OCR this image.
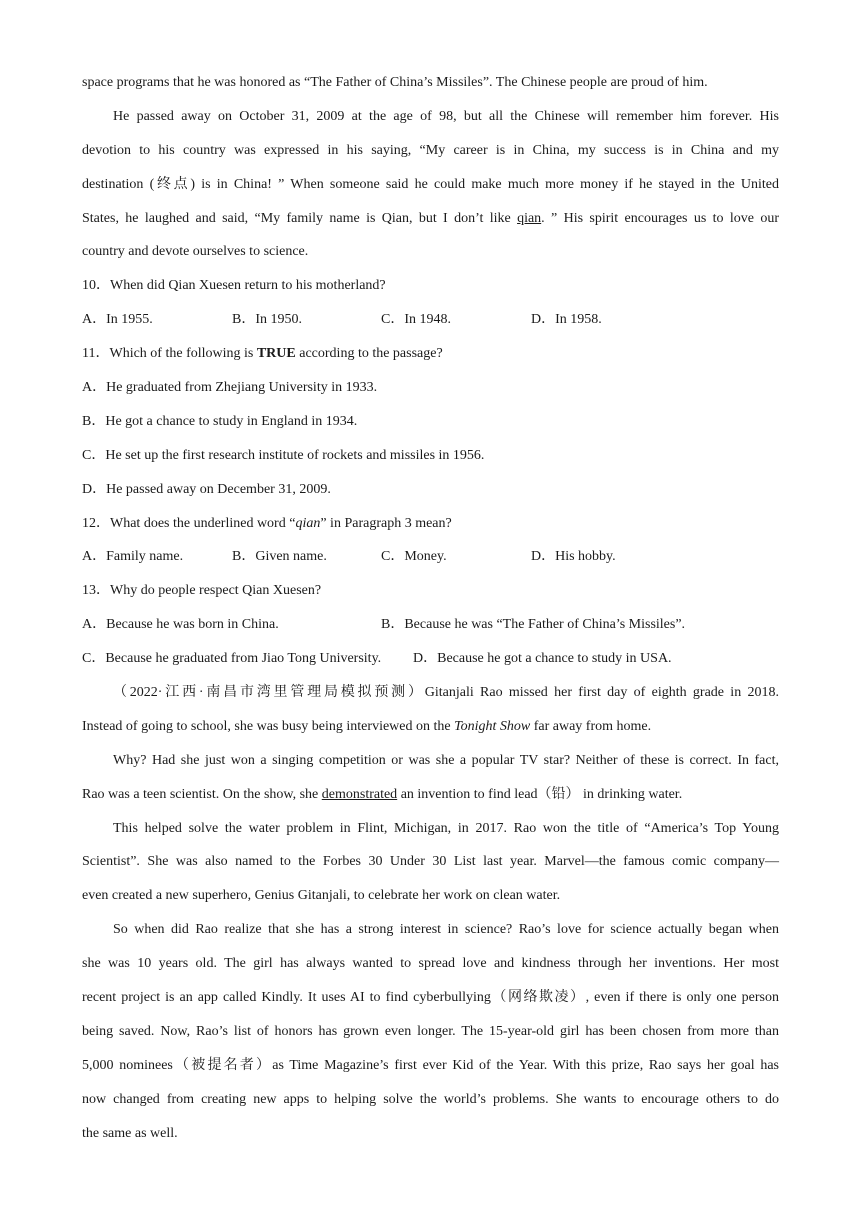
space programs that he was honored as “The Father of China’s Missiles”. The Chinese people are proud of him.
He passed away on October 31, 2009 at the age of 98, but all the Chinese will remember him forever. His
devotion to his country was expressed in his saying, “My career is in China, my success is in China and my
destination (终点) is in China! ” When someone said he could make much more money if he stayed in the United
States, he laughed and said, “My family name is Qian, but I don’t like qian. ” His spirit encourages us to love our
country and devote ourselves to science.
10．When did Qian Xuesen return to his motherland?
A．In 1955.	B．In 1950.	C．In 1948.	D．In 1958.
11．Which of the following is TRUE according to the passage?
A．He graduated from Zhejiang University in 1933.
B．He got a chance to study in England in 1934.
C．He set up the first research institute of rockets and missiles in 1956.
D．He passed away on December 31, 2009.
12．What does the underlined word “qian” in Paragraph 3 mean?
A．Family name.	B．Given name.	C．Money.	D．His hobby.
13．Why do people respect Qian Xuesen?
A．Because he was born in China.	B．Because he was “The Father of China’s Missiles”.
C．Because he graduated from Jiao Tong University. D．Because he got a chance to study in USA.
（2022·江西·南昌市湾里管理局模拟预测）Gitanjali Rao missed her first day of eighth grade in 2018.
Instead of going to school, she was busy being interviewed on the Tonight Show far away from home.
Why? Had she just won a singing competition or was she a popular TV star? Neither of these is correct. In fact,
Rao was a teen scientist. On the show, she demonstrated an invention to find lead（铅） in drinking water.
This helped solve the water problem in Flint, Michigan, in 2017. Rao won the title of “America’s Top Young
Scientist”. She was also named to the Forbes 30 Under 30 List last year. Marvel—the famous comic company—
even created a new superhero, Genius Gitanjali, to celebrate her work on clean water.
So when did Rao realize that she has a strong interest in science? Rao’s love for science actually began when
she was 10 years old. The girl has always wanted to spread love and kindness through her inventions. Her most
recent project is an app called Kindly. It uses AI to find cyberbullying（网络欺凌）, even if there is only one person
being saved. Now, Rao’s list of honors has grown even longer. The 15-year-old girl has been chosen from more than
5,000 nominees（被提名者）as Time Magazine’s first ever Kid of the Year. With this prize, Rao says her goal has
now changed from creating new apps to helping solve the world’s problems. She wants to encourage others to do
the same as well.
